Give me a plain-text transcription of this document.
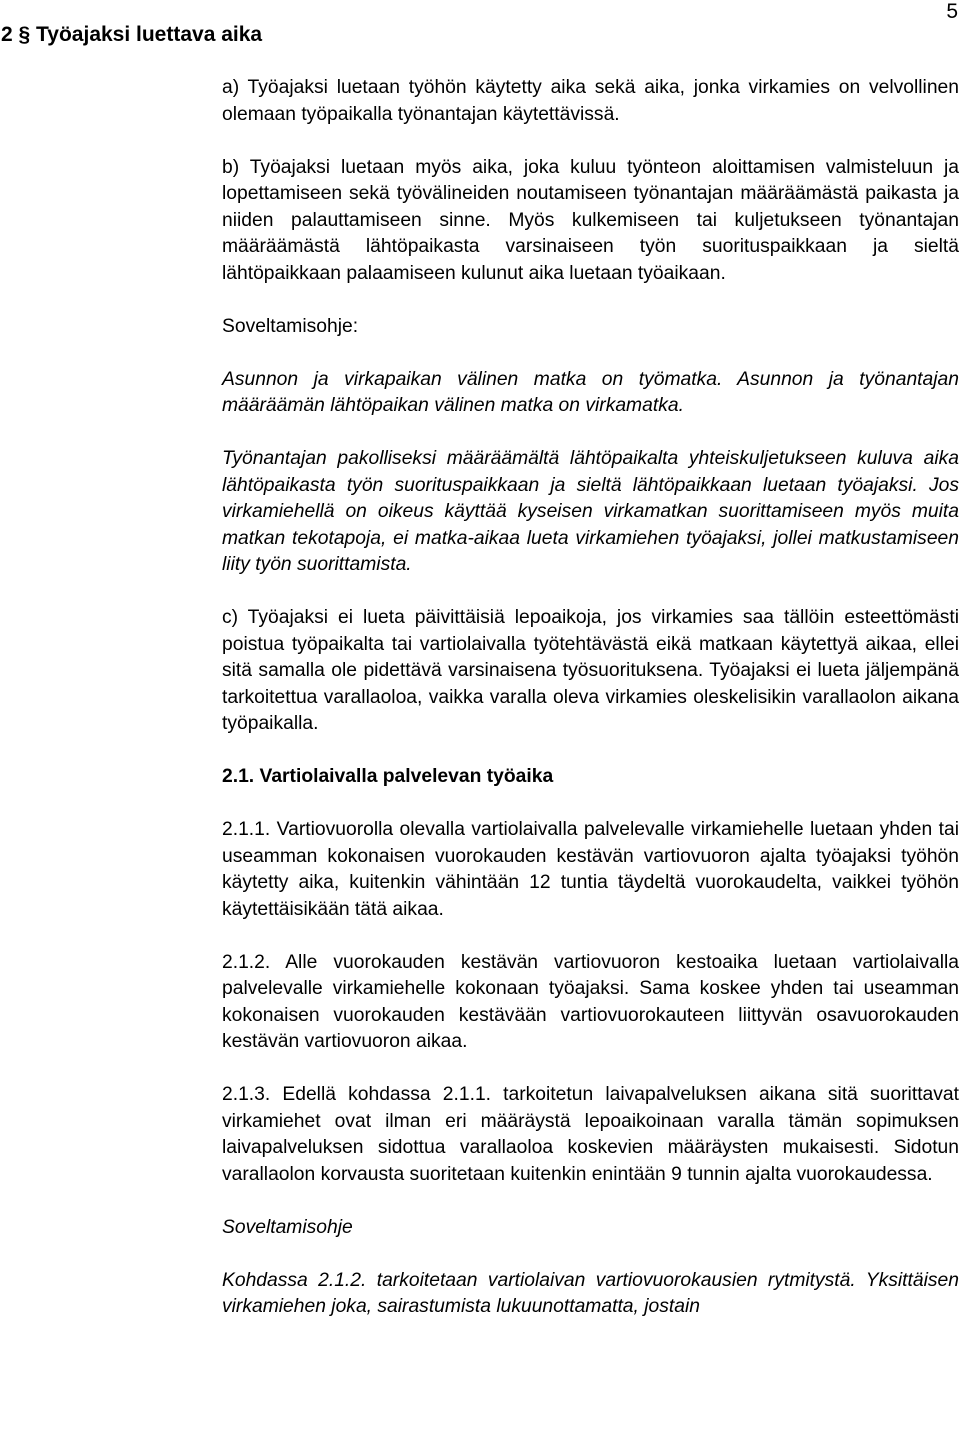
5
2 § Työajaksi luettava aika

a) Työajaksi luetaan työhön käytetty aika sekä aika, jonka virkamies on velvollinen olemaan työpaikalla työnantajan käytettävissä.

b) Työajaksi luetaan myös aika, joka kuluu työnteon aloittamisen valmisteluun ja lopettamiseen sekä työvälineiden noutamiseen työnantajan määräämästä paikasta ja niiden palauttamiseen sinne. Myös kulkemiseen tai kuljetukseen työnantajan määräämästä lähtöpaikasta varsinaiseen työn suorituspaikkaan ja sieltä lähtöpaikkaan palaamiseen kulunut aika luetaan työaikaan.

Soveltamisohje:

Asunnon ja virkapaikan välinen matka on työmatka. Asunnon ja työnantajan määräämän lähtöpaikan välinen matka on virkamatka.

Työnantajan pakolliseksi määräämältä lähtöpaikalta yhteiskuljetukseen kuluva aika lähtöpaikasta työn suorituspaikkaan ja sieltä lähtöpaikkaan luetaan työajaksi. Jos virkamiehellä on oikeus käyttää kyseisen virkamatkan suorittamiseen myös muita matkan tekotapoja, ei matka-aikaa lueta virkamiehen työajaksi, jollei matkustamiseen liity työn suorittamista.

c) Työajaksi ei lueta päivittäisiä lepoaikoja, jos virkamies saa tällöin esteettömästi poistua työpaikalta tai vartiolaivalla työtehtävästä eikä matkaan käytettyä aikaa, ellei sitä samalla ole pidettävä varsinaisena työsuorituksena. Työajaksi ei lueta jäljempänä tarkoitettua varallaoloa, vaikka varalla oleva virkamies oleskelisikin varallaolon aikana työpaikalla.

2.1. Vartiolaivalla palvelevan työaika

2.1.1. Vartiovuorolla olevalla vartiolaivalla palvelevalle virkamiehelle luetaan yhden tai useamman kokonaisen vuorokauden kestävän vartiovuoron ajalta työajaksi työhön käytetty aika, kuitenkin vähintään 12 tuntia täydeltä vuorokaudelta, vaikkei työhön käytettäisikään tätä aikaa.

2.1.2. Alle vuorokauden kestävän vartiovuoron kestoaika luetaan vartiolaivalla palvelevalle virkamiehelle kokonaan työajaksi. Sama koskee yhden tai useamman kokonaisen vuorokauden kestävään vartiovuorokauteen liittyvän osavuorokauden kestävän vartiovuoron aikaa.

2.1.3. Edellä kohdassa 2.1.1. tarkoitetun laivapalveluksen aikana sitä suorittavat virkamiehet ovat ilman eri määräystä lepoaikoinaan varalla tämän sopimuksen laivapalveluksen sidottua varallaoloa koskevien määräysten mukaisesti. Sidotun varallaolon korvausta suoritetaan kuitenkin enintään 9 tunnin ajalta vuorokaudessa.

Soveltamisohje

Kohdassa 2.1.2. tarkoitetaan vartiolaivan vartiovuorokausien rytmitystä. Yksittäisen virkamiehen joka, sairastumista lukuunottamatta, jostain
